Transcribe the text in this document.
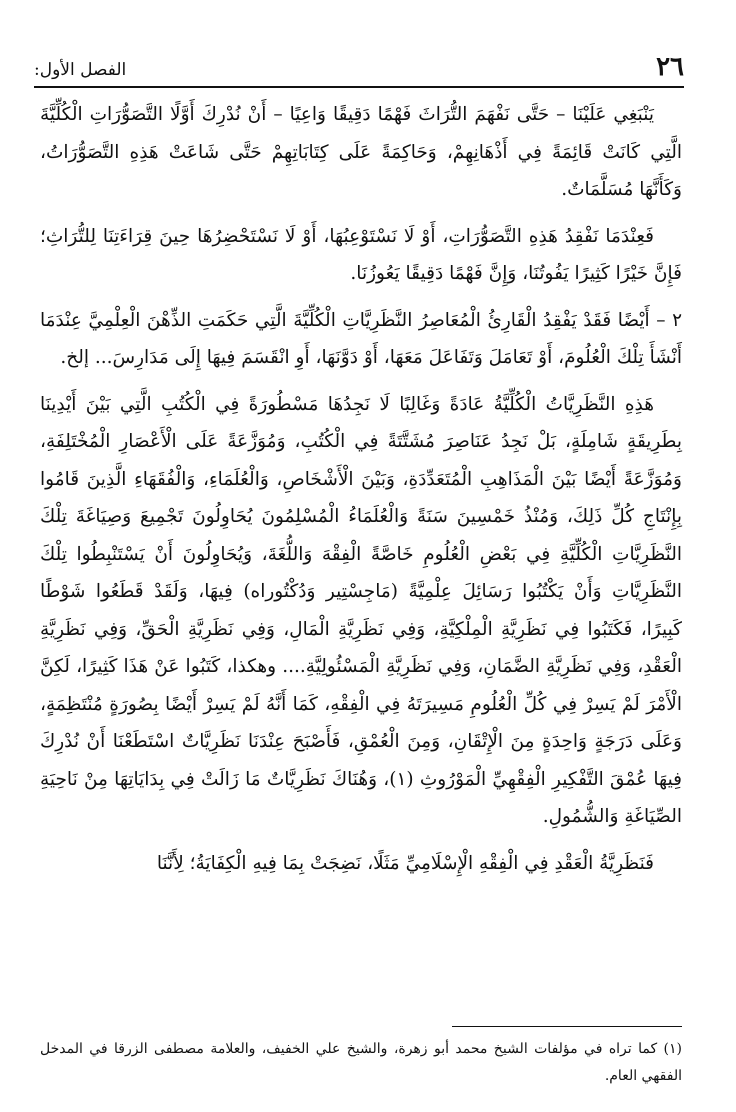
٢٦
الفصل الأول:

يَنْبَغِي عَلَيْنَا – حَتَّى نَفْهَمَ التُّرَاثَ فَهْمًا دَقِيقًا وَاعِيًا – أَنْ نُدْرِكَ أَوَّلًا التَّصَوُّرَاتِ الْكُلِّيَّةَ الَّتِي كَانَتْ قَائِمَةً فِي أَذْهَانِهِمْ، وَحَاكِمَةً عَلَى كِتَابَاتِهِمْ حَتَّى شَاعَتْ هَذِهِ التَّصَوُّرَاتُ، وَكَأَنَّهَا مُسَلَّمَاتٌ.

فَعِنْدَمَا نَفْقِدُ هَذِهِ التَّصَوُّرَاتِ، أَوْ لَا نَسْتَوْعِبُهَا، أَوْ لَا نَسْتَحْضِرُهَا حِينَ قِرَاءَتِنَا لِلتُّرَاثِ؛ فَإِنَّ خَيْرًا كَثِيرًا يَفُوتُنَا، وَإِنَّ فَهْمًا دَقِيقًا يَعُوزُنَا.

٢ – أَيْضًا فَقَدْ يَفْقِدُ الْقَارِئُ الْمُعَاصِرُ النَّظَرِيَّاتِ الْكُلِّيَّةَ الَّتِي حَكَمَتِ الذِّهْنَ الْعِلْمِيَّ عِنْدَمَا أَنْشَأَ تِلْكَ الْعُلُومَ، أَوْ تَعَامَلَ وَتَفَاعَلَ مَعَهَا، أَوْ دَوَّنَهَا، أَوِ انْقَسَمَ فِيهَا إِلَى مَدَارِسَ... إلخ.

هَذِهِ النَّظَرِيَّاتُ الْكُلِّيَّةُ عَادَةً وَغَالِبًا لَا نَجِدُهَا مَسْطُورَةً فِي الْكُتُبِ الَّتِي بَيْنَ أَيْدِينَا بِطَرِيقَةٍ شَامِلَةٍ، بَلْ نَجِدُ عَنَاصِرَ مُشَتَّتَةً فِي الْكُتُبِ، وَمُوَزَّعَةً عَلَى الْأَعْصَارِ الْمُخْتَلِفَةِ، وَمُوَزَّعَةً أَيْضًا بَيْنَ الْمَذَاهِبِ الْمُتَعَدِّدَةِ، وَبَيْنَ الْأَشْخَاصِ، وَالْعُلَمَاءِ، وَالْفُقَهَاءِ الَّذِينَ قَامُوا بِإِنْتَاجِ كُلِّ ذَلِكَ، وَمُنْذُ خَمْسِينَ سَنَةً وَالْعُلَمَاءُ الْمُسْلِمُونَ يُحَاوِلُونَ تَجْمِيعَ وَصِيَاغَةَ تِلْكَ النَّظَرِيَّاتِ الْكُلِّيَّةِ فِي بَعْضِ الْعُلُومِ خَاصَّةً الْفِقْهَ وَاللُّغَةَ، وَيُحَاوِلُونَ أَنْ يَسْتَنْبِطُوا تِلْكَ النَّظَرِيَّاتِ وَأَنْ يَكْتُبُوا رَسَائِلَ عِلْمِيَّةً (مَاجِسْتِير وَدُكْتُوراه) فِيهَا، وَلَقَدْ قَطَعُوا شَوْطًا كَبِيرًا، فَكَتَبُوا فِي نَظَرِيَّةِ الْمِلْكِيَّةِ، وَفِي نَظَرِيَّةِ الْمَالِ، وَفِي نَظَرِيَّةِ الْحَقِّ، وَفِي نَظَرِيَّةِ الْعَقْدِ، وَفِي نَظَرِيَّةِ الضَّمَانِ، وَفِي نَظَرِيَّةِ الْمَسْئُولِيَّةِ.... وهكذا، كَتَبُوا عَنْ هَذَا كَثِيرًا، لَكِنَّ الْأَمْرَ لَمْ يَسِرْ فِي كُلِّ الْعُلُومِ مَسِيرَتَهُ فِي الْفِقْهِ، كَمَا أَنَّهُ لَمْ يَسِرْ أَيْضًا بِصُورَةٍ مُنْتَظِمَةٍ، وَعَلَى دَرَجَةٍ وَاحِدَةٍ مِنَ الْإِتْقَانِ، وَمِنَ الْعُمْقِ، فَأَصْبَحَ عِنْدَنَا نَظَرِيَّاتٌ اسْتَطَعْنَا أَنْ نُدْرِكَ فِيهَا عُمْقَ التَّفْكِيرِ الْفِقْهِيِّ الْمَوْرُوثِ (١)، وَهُنَاكَ نَظَرِيَّاتٌ مَا زَالَتْ فِي بِدَايَاتِهَا مِنْ نَاحِيَةِ الصِّيَاغَةِ وَالشُّمُولِ.

فَنَظَرِيَّةُ الْعَقْدِ فِي الْفِقْهِ الْإِسْلَامِيِّ مَثَلًا، نَضِجَتْ بِمَا فِيهِ الْكِفَايَةُ؛ لِأَنَّنَا

(١) كما تراه في مؤلفات الشيخ محمد أبو زهرة، والشيخ علي الخفيف، والعلامة مصطفى الزرقا في المدخل الفقهي العام.
